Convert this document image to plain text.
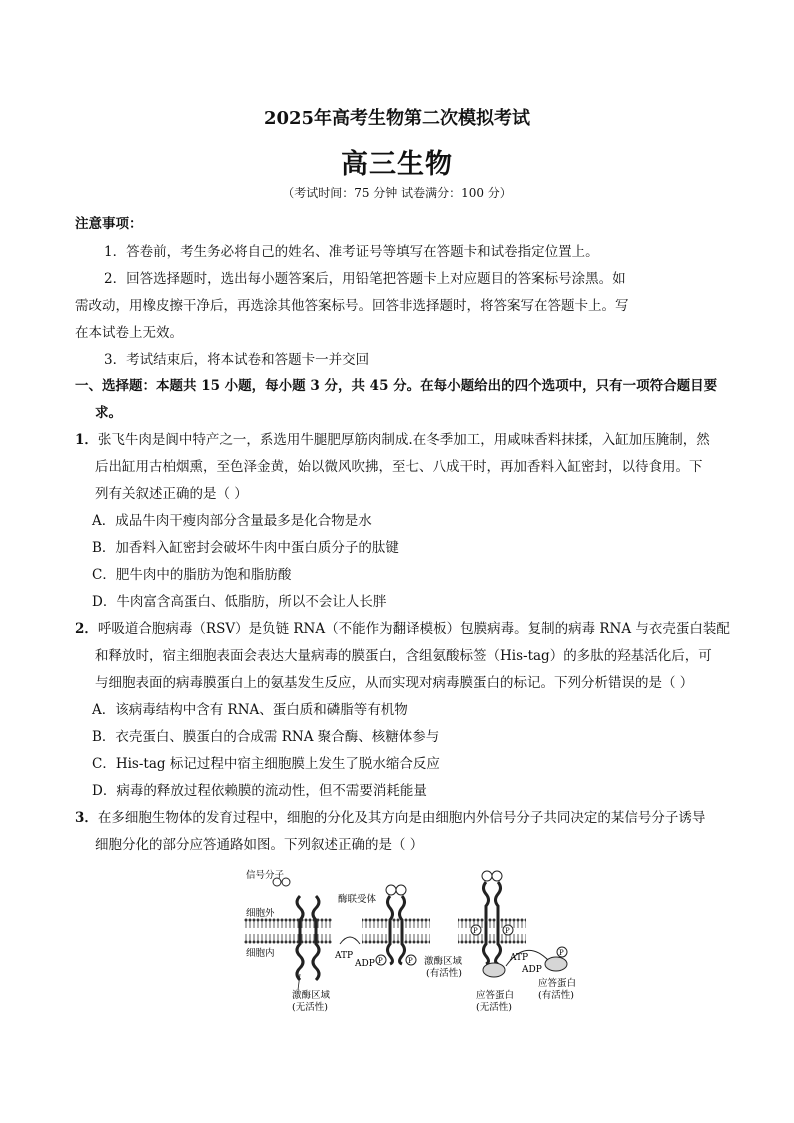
2025年高考生物第二次模拟考试
高三生物
（考试时间：75 分钟 试卷满分：100 分）
注意事项：
1．答卷前，考生务必将自己的姓名、准考证号等填写在答题卡和试卷指定位置上。
2．回答选择题时，选出每小题答案后，用铅笔把答题卡上对应题目的答案标号涂黑。如
需改动，用橡皮擦干净后，再选涂其他答案标号。回答非选择题时，将答案写在答题卡上。写
在本试卷上无效。
3．考试结束后，将本试卷和答题卡一并交回
一、选择题：本题共 15 小题，每小题 3 分，共 45 分。在每小题给出的四个选项中，只有一项符合题目要
求。
1．张飞牛肉是阆中特产之一，系选用牛腿肥厚筋肉制成.在冬季加工，用咸味香料抹揉，入缸加压腌制，然
后出缸用古柏烟熏，至色泽金黄，始以微风吹拂，至七、八成干时，再加香料入缸密封，以待食用。下
列有关叙述正确的是（ ）
A．成品牛肉干瘦肉部分含量最多是化合物是水
B．加香料入缸密封会破坏牛肉中蛋白质分子的肽键
C．肥牛肉中的脂肪为饱和脂肪酸
D．牛肉富含高蛋白、低脂肪，所以不会让人长胖
2．呼吸道合胞病毒（RSV）是负链 RNA（不能作为翻译模板）包膜病毒。复制的病毒 RNA 与衣壳蛋白装配
和释放时，宿主细胞表面会表达大量病毒的膜蛋白，含组氨酸标签（His-tag）的多肽的羟基活化后，可
与细胞表面的病毒膜蛋白上的氨基发生反应，从而实现对病毒膜蛋白的标记。下列分析错误的是（ ）
A．该病毒结构中含有 RNA、蛋白质和磷脂等有机物
B．衣壳蛋白、膜蛋白的合成需 RNA 聚合酶、核糖体参与
C．His-tag 标记过程中宿主细胞膜上发生了脱水缩合反应
D．病毒的释放过程依赖膜的流动性，但不需要消耗能量
3．在多细胞生物体的发育过程中，细胞的分化及其方向是由细胞内外信号分子共同决定的某信号分子诱导
细胞分化的部分应答通路如图。下列叙述正确的是（ ）
信号分子
细胞外
细胞内
酶联受体
激酶区域
(无活性)
ATP
ADP P	P 激酶区域
(有活性)
P	P
ATP
ADP
P
应答蛋白
(无活性)
应答蛋白
(有活性)
